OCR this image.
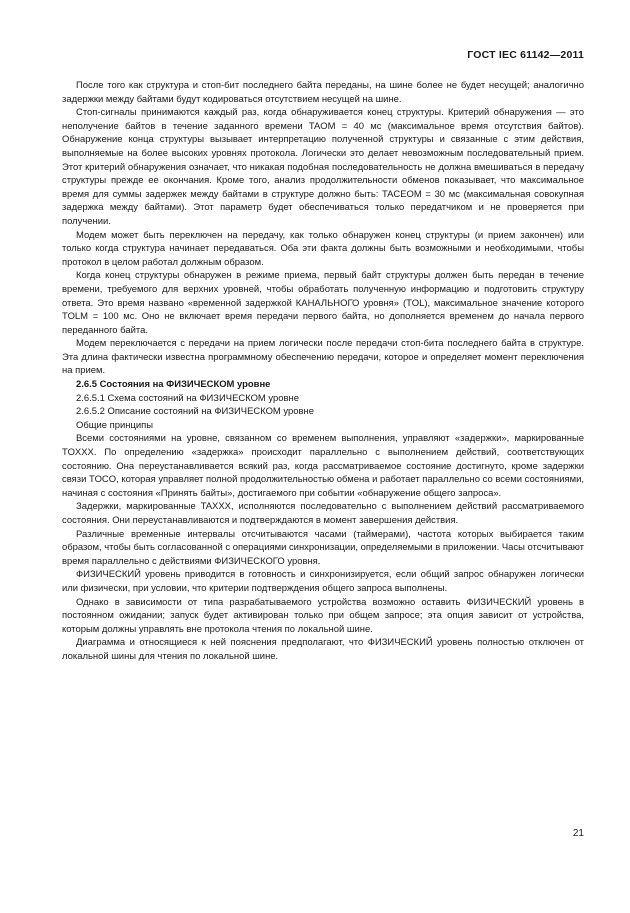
ГОСТ IEC 61142—2011

После того как структура и стоп-бит последнего байта переданы, на шине более не будет несущей; аналогично задержки между байтами будут кодироваться отсутствием несущей на шине.

Стоп-сигналы принимаются каждый раз, когда обнаруживается конец структуры. Критерий обнаружения — это неполучение байтов в течение заданного времени TAOM = 40 мс (максимальное время отсутствия байтов). Обнаружение конца структуры вызывает интерпретацию полученной структуры и связанные с этим действия, выполняемые на более высоких уровнях протокола. Логически это делает невозможным последовательный прием. Этот критерий обнаружения означает, что никакая подобная последовательность не должна вмешиваться в передачу структуры прежде ее окончания. Кроме того, анализ продолжительности обменов показывает, что максимальное время для суммы задержек между байтами в структуре должно быть: TACEOM = 30 мс (максимальная совокупная задержка между байтами). Этот параметр будет обеспечиваться только передатчиком и не проверяется при получении.

Модем может быть переключен на передачу, как только обнаружен конец структуры (и прием закончен) или только когда структура начинает передаваться. Оба эти факта должны быть возможными и необходимыми, чтобы протокол в целом работал должным образом.

Когда конец структуры обнаружен в режиме приема, первый байт структуры должен быть передан в течение времени, требуемого для верхних уровней, чтобы обработать полученную информацию и подготовить структуру ответа. Это время названо «временной задержкой КАНАЛЬНОГО уровня» (TOL), максимальное значение которого TOLM = 100 мс. Оно не включает время передачи первого байта, но дополняется временем до начала первого переданного байта.

Модем переключается с передачи на прием логически после передачи стоп-бита последнего байта в структуре. Эта длина фактически известна программному обеспечению передачи, которое и определяет момент переключения на прием.

2.6.5 Состояния на ФИЗИЧЕСКОМ уровне

2.6.5.1 Схема состояний на ФИЗИЧЕСКОМ уровне

2.6.5.2 Описание состояний на ФИЗИЧЕСКОМ уровне

Общие принципы

Всеми состояниями на уровне, связанном со временем выполнения, управляют «задержки», маркированные TOXXX. По определению «задержка» происходит параллельно с выполнением действий, соответствующих состоянию. Она переустанавливается всякий раз, когда рассматриваемое состояние достигнуто, кроме задержки связи TOCO, которая управляет полной продолжительностью обмена и работает параллельно со всеми состояниями, начиная с состояния «Принять байты», достигаемого при событии «обнаружение общего запроса».

Задержки, маркированные TAXXX, исполняются последовательно с выполнением действий рассматриваемого состояния. Они переустанавливаются и подтверждаются в момент завершения действия.

Различные временные интервалы отсчитываются часами (таймерами), частота которых выбирается таким образом, чтобы быть согласованной с операциями синхронизации, определяемыми в приложении. Часы отсчитывают время параллельно с действиями ФИЗИЧЕСКОГО уровня.

ФИЗИЧЕСКИЙ уровень приводится в готовность и синхронизируется, если общий запрос обнаружен логически или физически, при условии, что критерии подтверждения общего запроса выполнены.

Однако в зависимости от типа разрабатываемого устройства возможно оставить ФИЗИЧЕСКИЙ уровень в постоянном ожидании; запуск будет активирован только при общем запросе; эта опция зависит от устройства, которым должны управлять вне протокола чтения по локальной шине.

Диаграмма и относящиеся к ней пояснения предполагают, что ФИЗИЧЕСКИЙ уровень полностью отключен от локальной шины для чтения по локальной шине.

21
